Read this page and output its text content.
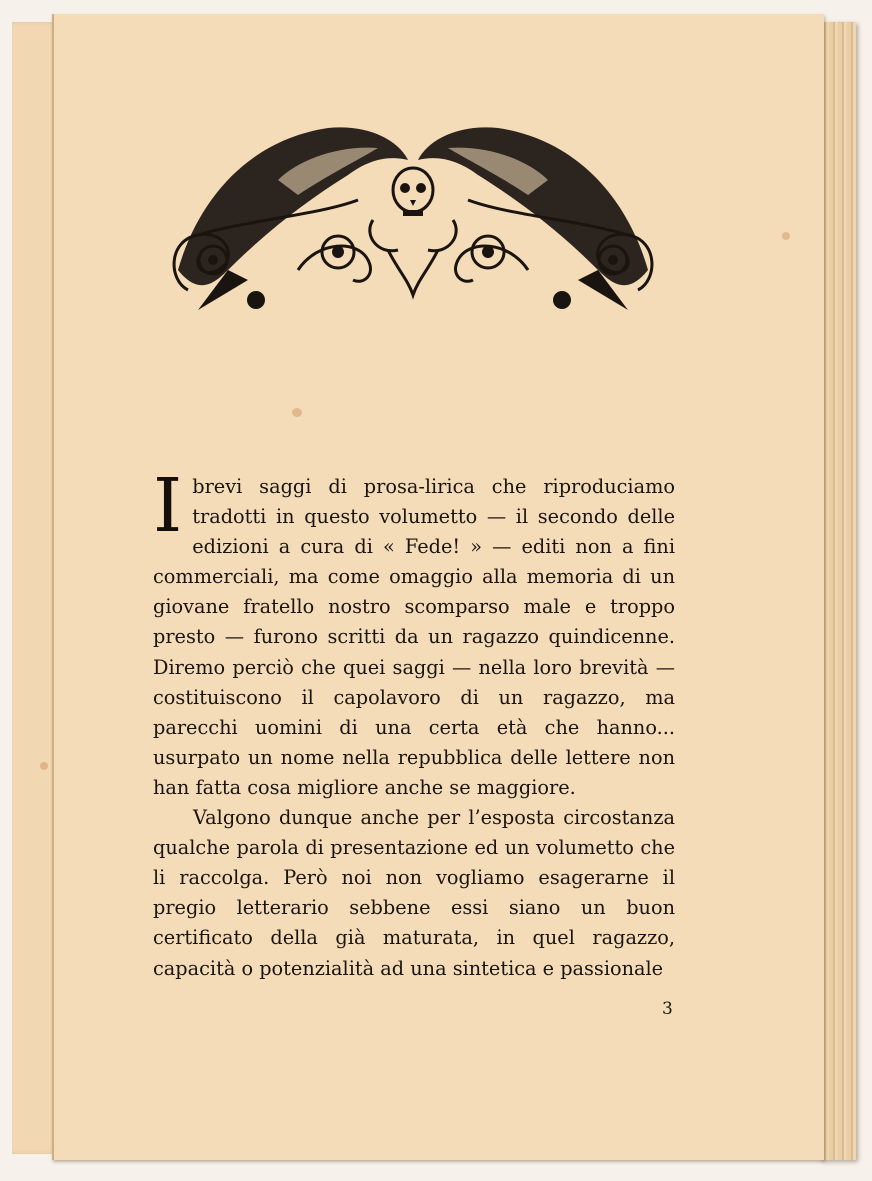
Ibrevi saggi di prosa-lirica che riproduciamo tradotti in questo volumetto — il secondo delle edizioni a cura di « Fede! » — editi non a fini commerciali, ma come omaggio alla memoria di un giovane fratello nostro scomparso male e troppo presto — furono scritti da un ragazzo quindicenne. Diremo perciò che quei saggi — nella loro brevità — costituiscono il capolavoro di un ragazzo, ma parecchi uomini di una certa età che hanno... usurpato un nome nella repubblica delle lettere non han fatta cosa migliore anche se maggiore.

Valgono dunque anche per l’esposta circostanza qualche parola di presentazione ed un volumetto che li raccolga. Però noi non vogliamo esagerarne il pregio letterario sebbene essi siano un buon certificato della già maturata, in quel ragazzo, capacità o potenzialità ad una sintetica e passionale

3
